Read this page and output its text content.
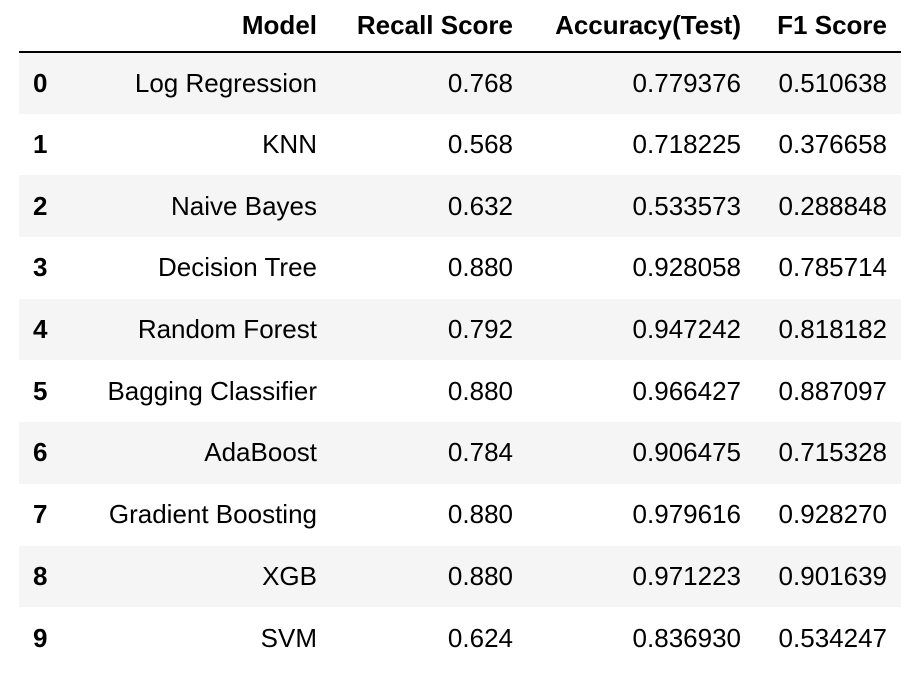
	Model	Recall Score	Accuracy(Test)	F1 Score
0	Log Regression	0.768	0.779376	0.510638
1	KNN	0.568	0.718225	0.376658
2	Naive Bayes	0.632	0.533573	0.288848
3	Decision Tree	0.880	0.928058	0.785714
4	Random Forest	0.792	0.947242	0.818182
5	Bagging Classifier	0.880	0.966427	0.887097
6	AdaBoost	0.784	0.906475	0.715328
7	Gradient Boosting	0.880	0.979616	0.928270
8	XGB	0.880	0.971223	0.901639
9	SVM	0.624	0.836930	0.534247
